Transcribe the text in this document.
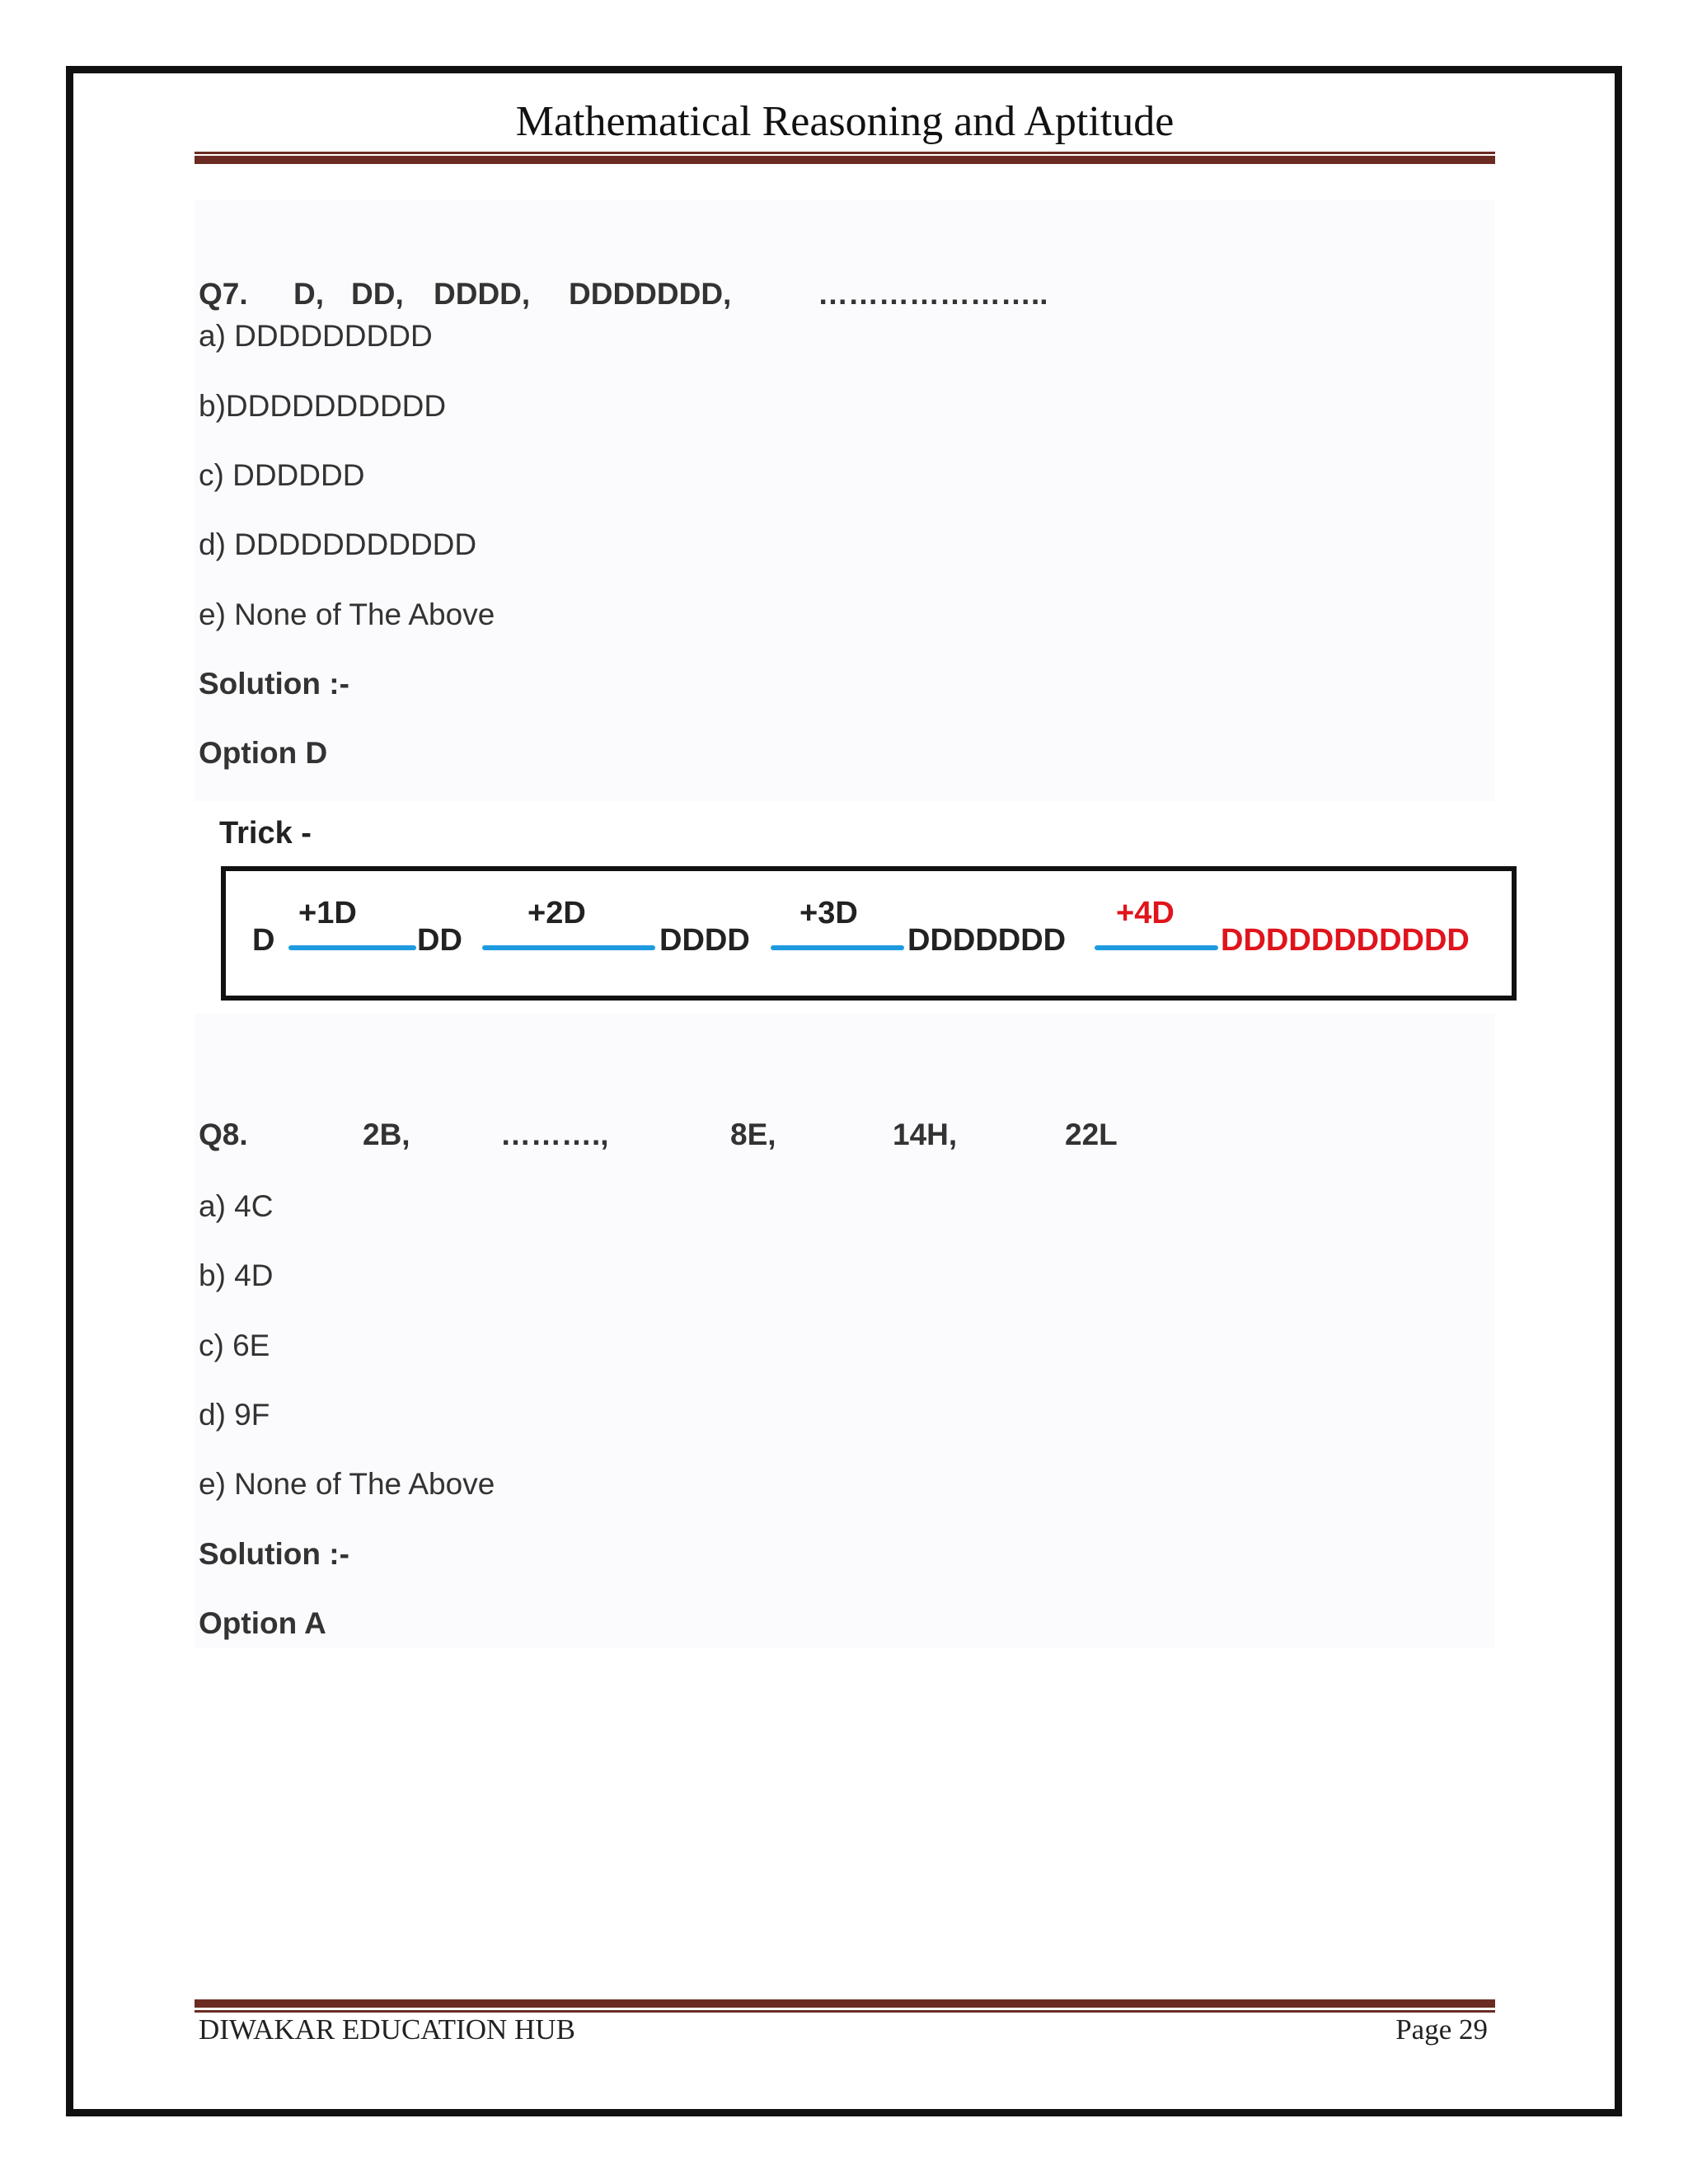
Mathematical Reasoning and Aptitude
Q7. D, DD, DDDD, DDDDDDD,	…………………..
a) DDDDDDDDD
b)DDDDDDDDDD
c) DDDDDD
d) DDDDDDDDDDD
e) None of The Above
Solution :-
Option D
Trick -
D
+1D
DD
+2D
DDDD
+3D
DDDDDDD
+4D
DDDDDDDDDDD
Q8.	2B,	……….,	8E,	14H,	22L
a) 4C
b) 4D
c) 6E
d) 9F
e) None of The Above
Solution :-
Option A
DIWAKAR EDUCATION HUB	Page 29
